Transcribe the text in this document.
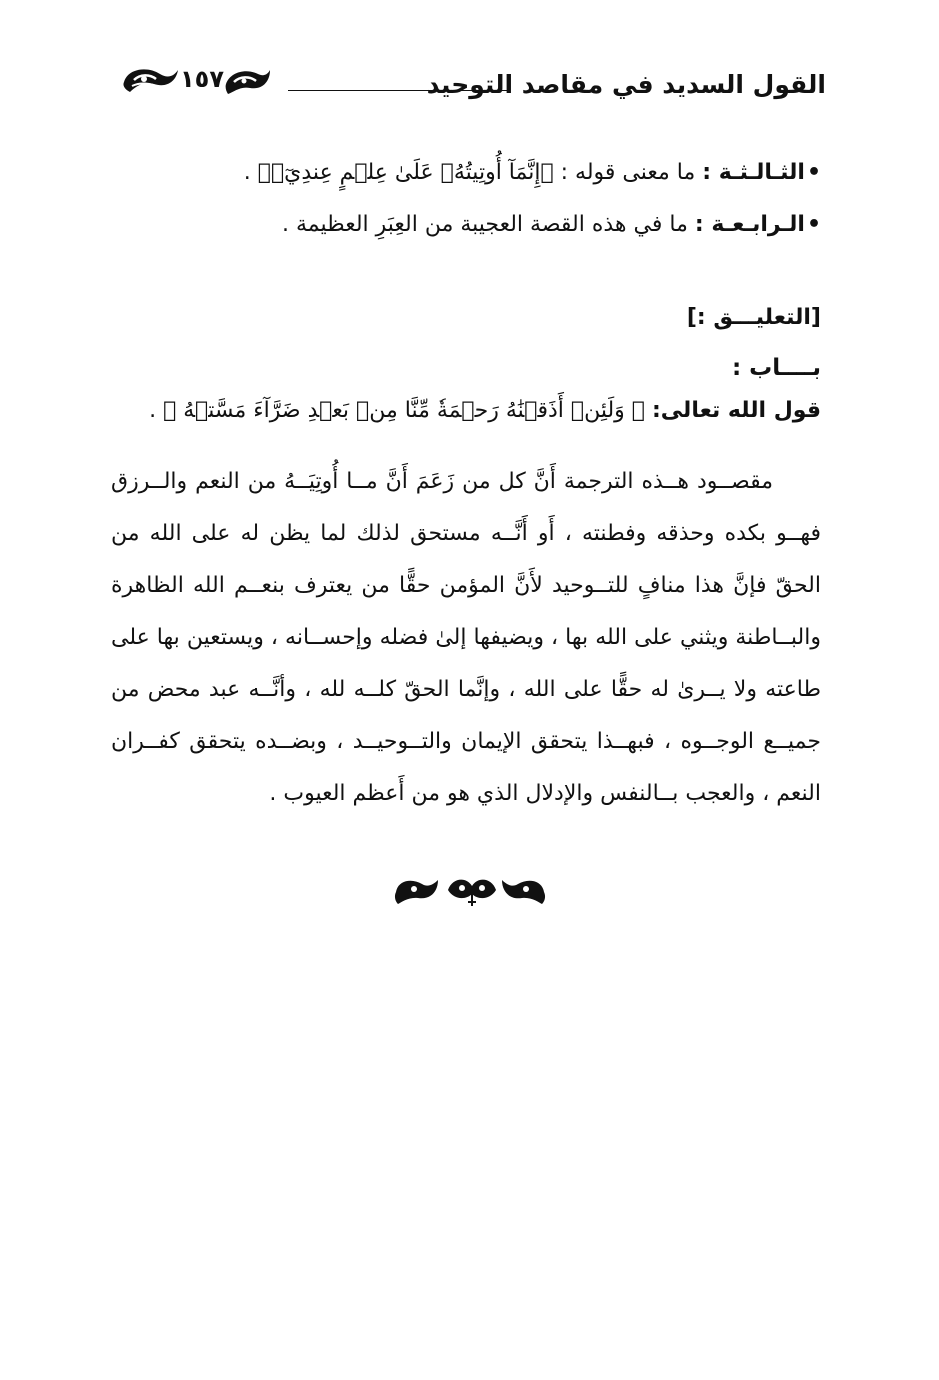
القول السديد في مقاصد التوحيد
١٥٧
• الثـالـثـة : ما معنى قوله : ﴿إِنَّمَآ أُوتِيتُهُۥ عَلَىٰ عِلۡمٍ عِندِيٓۚ﴾ .
• الـرابـعـة : ما في هذه القصة العجيبة من العِبَرِ العظيمة .
[التعليـــق :]
بــــاب :
قول الله تعالى: ﴿ وَلَئِنۡ أَذَقۡنَٰهُ رَحۡمَةٗ مِّنَّا مِنۢ بَعۡدِ ضَرَّآءَ مَسَّتۡهُ ﴾ .

مقصــود هــذه الترجمة أَنَّ كل من زَعَمَ أَنَّ مــا أُوتِيَــهُ من النعم والــرزق فهــو بكده وحذقه وفطنته ، أَو أَنَّــه مستحق لذلك لما يظن له على الله من الحقّ فإنَّ هذا منافٍ للتــوحيد لأَنَّ المؤمن حقًّا من يعترف بنعــم الله الظاهرة والبــاطنة ويثني على الله بها ، ويضيفها إلىٰ فضله وإحســانه ، ويستعين بها على طاعته ولا يــرىٰ له حقًّا على الله ، وإنَّما الحقّ كلــه لله ، وأنَّــه عبد محض من جميــع الوجــوه ، فبهــذا يتحقق الإيمان والتــوحيــد ، وبضــده يتحقق كفــران النعم ، والعجب بــالنفس والإدلال الذي هو من أَعظم العيوب .
